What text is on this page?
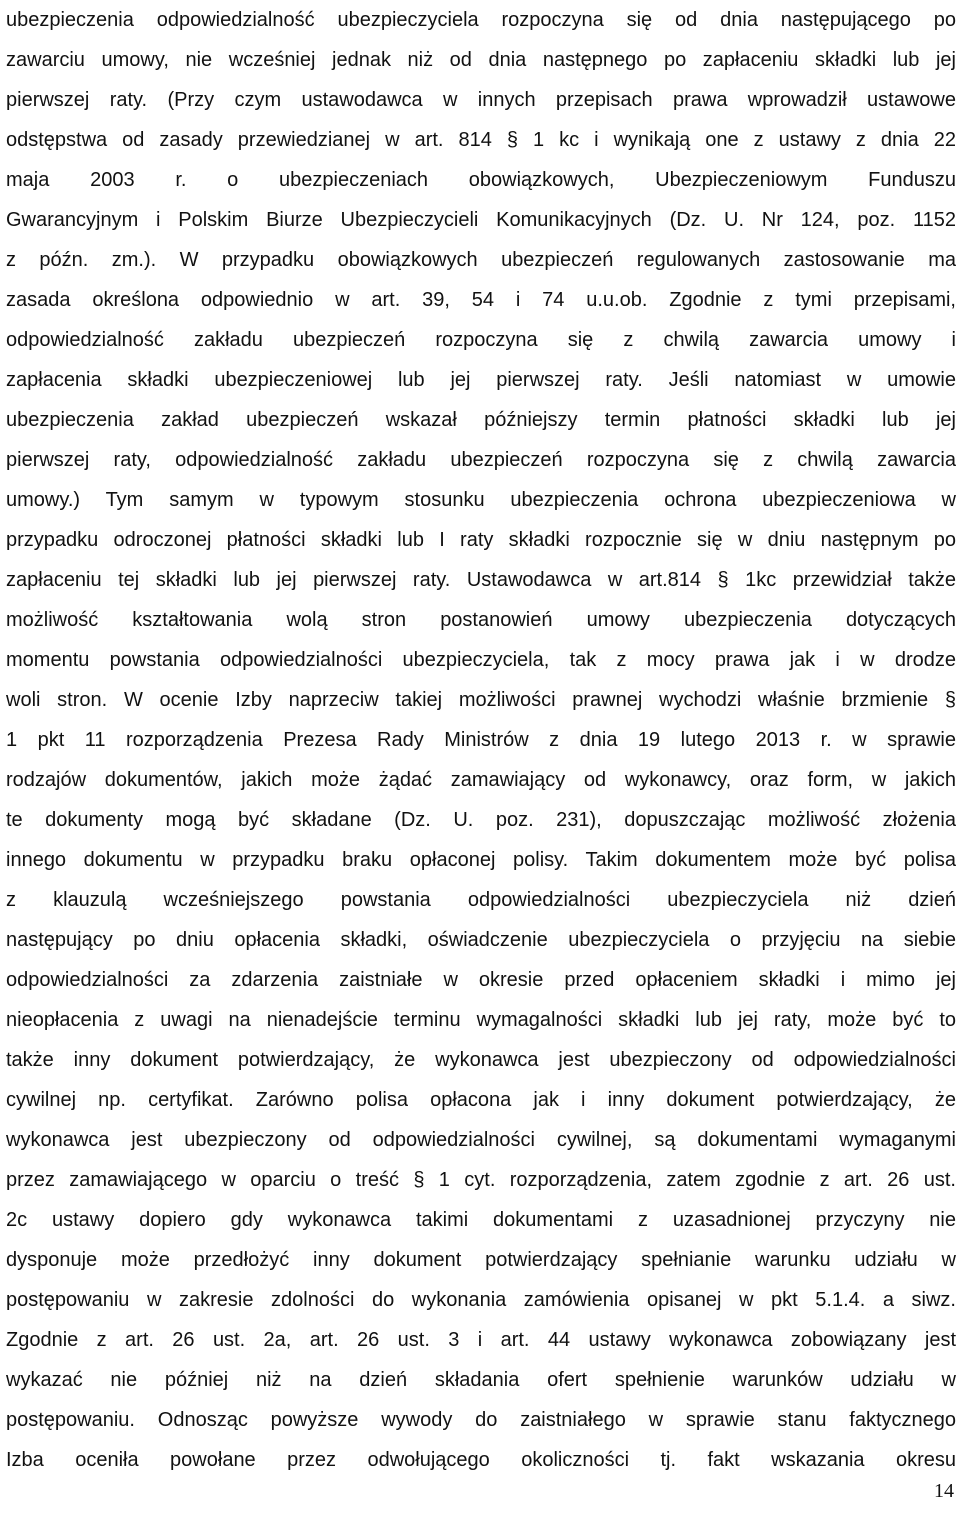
ubezpieczenia odpowiedzialność ubezpieczyciela rozpoczyna się od dnia następującego po
zawarciu umowy, nie wcześniej jednak niż od dnia następnego po zapłaceniu składki lub jej
pierwszej raty. (Przy czym ustawodawca w innych przepisach prawa wprowadził ustawowe
odstępstwa od zasady przewiedzianej w art. 814 § 1 kc i wynikają one z ustawy z dnia 22
maja 2003 r. o ubezpieczeniach obowiązkowych, Ubezpieczeniowym Funduszu
Gwarancyjnym i Polskim Biurze Ubezpieczycieli Komunikacyjnych (Dz. U. Nr 124, poz. 1152
z późn. zm.). W przypadku obowiązkowych ubezpieczeń regulowanych zastosowanie ma
zasada określona odpowiednio w art. 39, 54 i 74 u.u.ob. Zgodnie z tymi przepisami,
odpowiedzialność zakładu ubezpieczeń rozpoczyna się z chwilą zawarcia umowy i
zapłacenia składki ubezpieczeniowej lub jej pierwszej raty. Jeśli natomiast w umowie
ubezpieczenia zakład ubezpieczeń wskazał późniejszy termin płatności składki lub jej
pierwszej raty, odpowiedzialność zakładu ubezpieczeń rozpoczyna się z chwilą zawarcia
umowy.) Tym samym w typowym stosunku ubezpieczenia ochrona ubezpieczeniowa w
przypadku odroczonej płatności składki lub I raty składki rozpocznie się w dniu następnym po
zapłaceniu tej składki lub jej pierwszej raty. Ustawodawca w art.814 § 1kc przewidział także
możliwość kształtowania wolą stron postanowień umowy ubezpieczenia dotyczących
momentu powstania odpowiedzialności ubezpieczyciela, tak z mocy prawa jak i w drodze
woli stron. W ocenie Izby naprzeciw takiej możliwości prawnej wychodzi właśnie brzmienie §
1 pkt 11 rozporządzenia Prezesa Rady Ministrów z dnia 19 lutego 2013 r. w sprawie
rodzajów dokumentów, jakich może żądać zamawiający od wykonawcy, oraz form, w jakich
te dokumenty mogą być składane (Dz. U. poz. 231), dopuszczając możliwość złożenia
innego dokumentu w przypadku braku opłaconej polisy. Takim dokumentem może być polisa
z klauzulą wcześniejszego powstania odpowiedzialności ubezpieczyciela niż dzień
następujący po dniu opłacenia składki, oświadczenie ubezpieczyciela o przyjęciu na siebie
odpowiedzialności za zdarzenia zaistniałe w okresie przed opłaceniem składki i mimo jej
nieopłacenia z uwagi na nienadejście terminu wymagalności składki lub jej raty, może być to
także inny dokument potwierdzający, że wykonawca jest ubezpieczony od odpowiedzialności
cywilnej np. certyfikat. Zarówno polisa opłacona jak i inny dokument potwierdzający, że
wykonawca jest ubezpieczony od odpowiedzialności cywilnej, są dokumentami wymaganymi
przez zamawiającego w oparciu o treść § 1 cyt. rozporządzenia, zatem zgodnie z art. 26 ust.
2c ustawy dopiero gdy wykonawca takimi dokumentami z uzasadnionej przyczyny nie
dysponuje może przedłożyć inny dokument potwierdzający spełnianie warunku udziału w
postępowaniu w zakresie zdolności do wykonania zamówienia opisanej w pkt 5.1.4. a siwz.
Zgodnie z art. 26 ust. 2a, art. 26 ust. 3 i art. 44 ustawy wykonawca zobowiązany jest
wykazać nie później niż na dzień składania ofert spełnienie warunków udziału w
postępowaniu. Odnosząc powyższe wywody do zaistniałego w sprawie stanu faktycznego
Izba oceniła powołane przez odwołującego okoliczności tj. fakt wskazania okresu
14
